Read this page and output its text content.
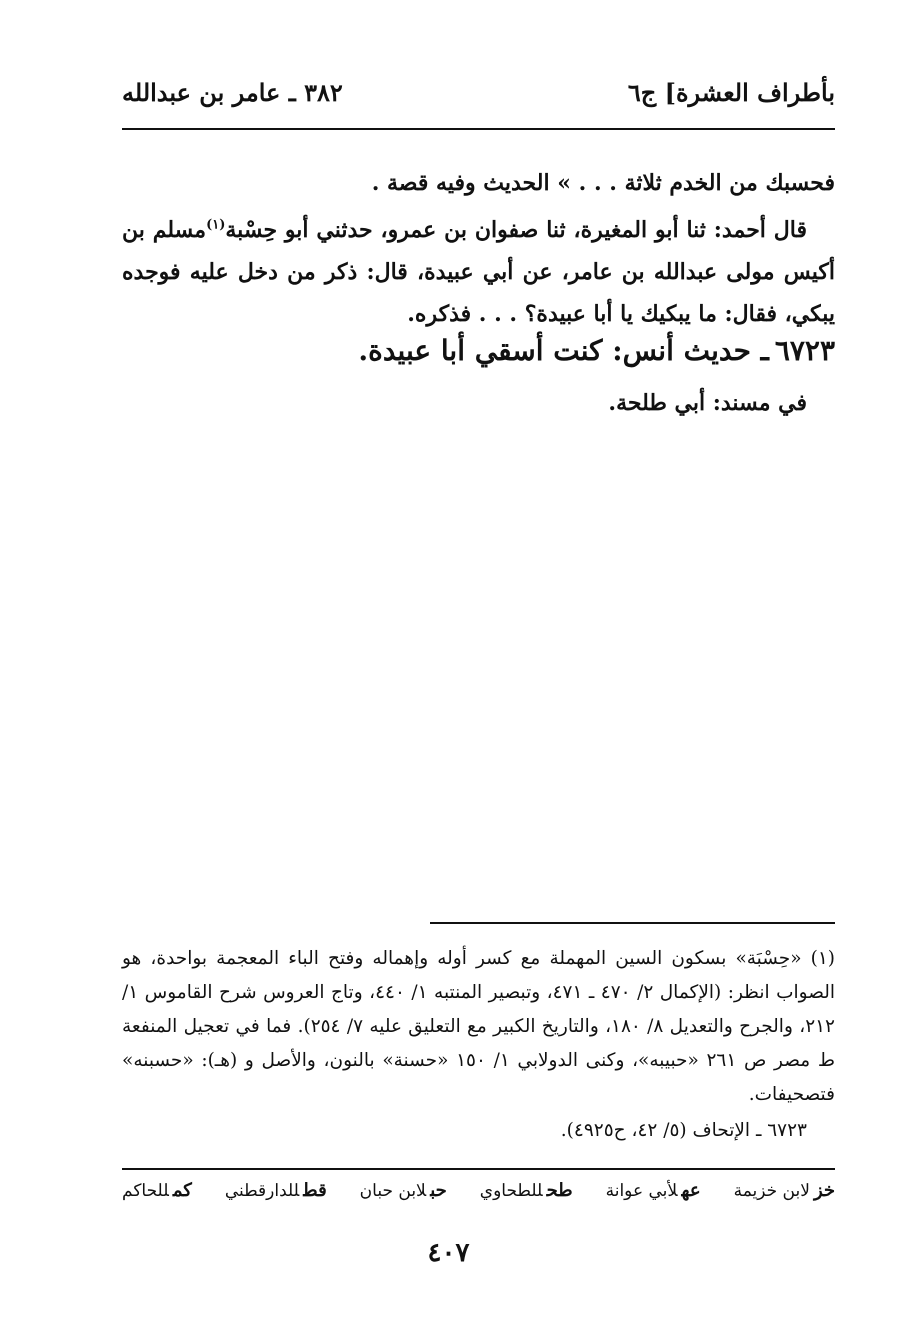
بأطراف العشرة] ج٦
٣٨٢ ـ عامر بن عبدالله
فحسبك من الخدم ثلاثة . . . » الحديث وفيه قصة .
قال أحمد: ثنا أبو المغيرة، ثنا صفوان بن عمرو، حدثني أبو حِسْبة$^{(١)}$مسلم بن أكيس مولى عبدالله بن عامر، عن أبي عبيدة، قال: ذكر من دخل عليه فوجده يبكي، فقال: ما يبكيك يا أبا عبيدة؟ . . . فذكره.
٦٧٢٣ـ حديث أنس: كنت أسقي أبا عبيدة.
في مسند: أبي طلحة.
(١) «حِسْبَة» بسكون السين المهملة مع كسر أوله وإهماله وفتح الباء المعجمة بواحدة، هو الصواب انظر: (الإكمال ٢/ ٤٧٠ ـ ٤٧١، وتبصير المنتبه ١/ ٤٤٠، وتاج العروس شرح القاموس ١/ ٢١٢، والجرح والتعديل ٨/ ١٨٠، والتاريخ الكبير مع التعليق عليه ٧/ ٢٥٤). فما في تعجيل المنفعة ط مصر ص ٢٦١ «حبيبه»، وكنى الدولابي ١/ ١٥٠ «حسنة» بالنون، والأصل و (هـ): «حسبنه» فتصحيفات.
٦٧٢٣ ـ الإتحاف (٥/ ٤٢، ح٤٩٢٥).
خزلابن خزيمة
عهلأبي عوانة
طحللطحاوي
حبلابن حبان
قطللدارقطني
كمللحاكم
٤٠٧
